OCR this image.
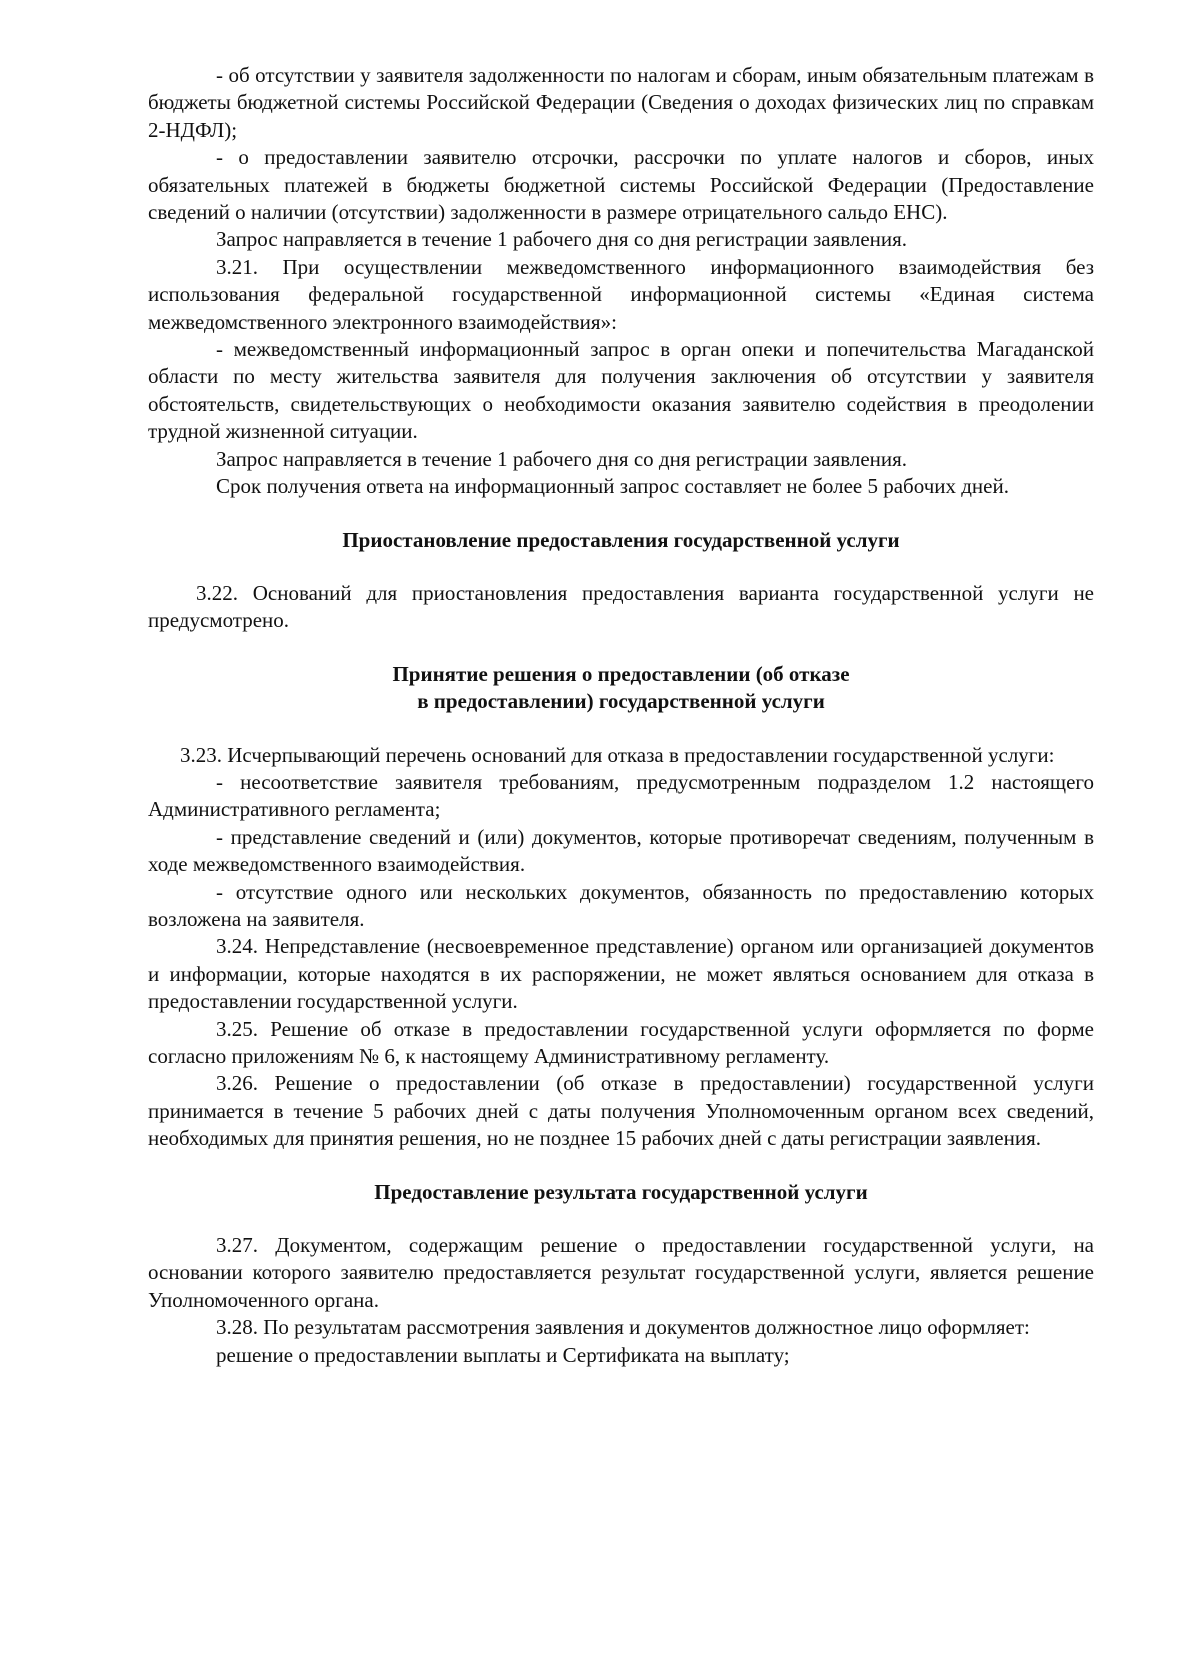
- об отсутствии у заявителя задолженности по налогам и сборам, иным обязательным платежам в бюджеты бюджетной системы Российской Федерации (Сведения о доходах физических лиц по справкам 2-НДФЛ);

- о предоставлении заявителю отсрочки, рассрочки по уплате налогов и сборов, иных обязательных платежей в бюджеты бюджетной системы Российской Федерации (Предоставление сведений о наличии (отсутствии) задолженности в размере отрицательного сальдо ЕНС).

Запрос направляется в течение 1 рабочего дня со дня регистрации заявления.

3.21. При осуществлении межведомственного информационного взаимодействия без использования федеральной государственной информационной системы «Единая система межведомственного электронного взаимодействия»:

- межведомственный информационный запрос в орган опеки и попечительства Магаданской области по месту жительства заявителя для получения заключения об отсутствии у заявителя обстоятельств, свидетельствующих о необходимости оказания заявителю содействия в преодолении трудной жизненной ситуации.

Запрос направляется в течение 1 рабочего дня со дня регистрации заявления.

Срок получения ответа на информационный запрос составляет не более 5 рабочих дней.

Приостановление предоставления государственной услуги

3.22. Оснований для приостановления предоставления варианта государственной услуги не предусмотрено.

Принятие решения о предоставлении (об отказе

в предоставлении) государственной услуги

3.23. Исчерпывающий перечень оснований для отказа в предоставлении государственной услуги:

- несоответствие заявителя требованиям, предусмотренным подразделом 1.2 настоящего Административного регламента;

- представление сведений и (или) документов, которые противоречат сведениям, полученным в ходе межведомственного взаимодействия.

- отсутствие одного или нескольких документов, обязанность по предоставлению которых возложена на заявителя.

3.24. Непредставление (несвоевременное представление) органом или организацией документов и информации, которые находятся в их распоряжении, не может являться основанием для отказа в предоставлении государственной услуги.

3.25. Решение об отказе в предоставлении государственной услуги оформляется по форме согласно приложениям № 6, к настоящему Административному регламенту.

3.26. Решение о предоставлении (об отказе в предоставлении) государственной услуги принимается в течение 5 рабочих дней с даты получения Уполномоченным органом всех сведений, необходимых для принятия решения, но не позднее 15 рабочих дней с даты регистрации заявления.

Предоставление результата государственной услуги

3.27. Документом, содержащим решение о предоставлении государственной услуги, на основании которого заявителю предоставляется результат государственной услуги, является решение Уполномоченного органа.

3.28. По результатам рассмотрения заявления и документов должностное лицо оформляет:

решение о предоставлении выплаты и Сертификата на выплату;
